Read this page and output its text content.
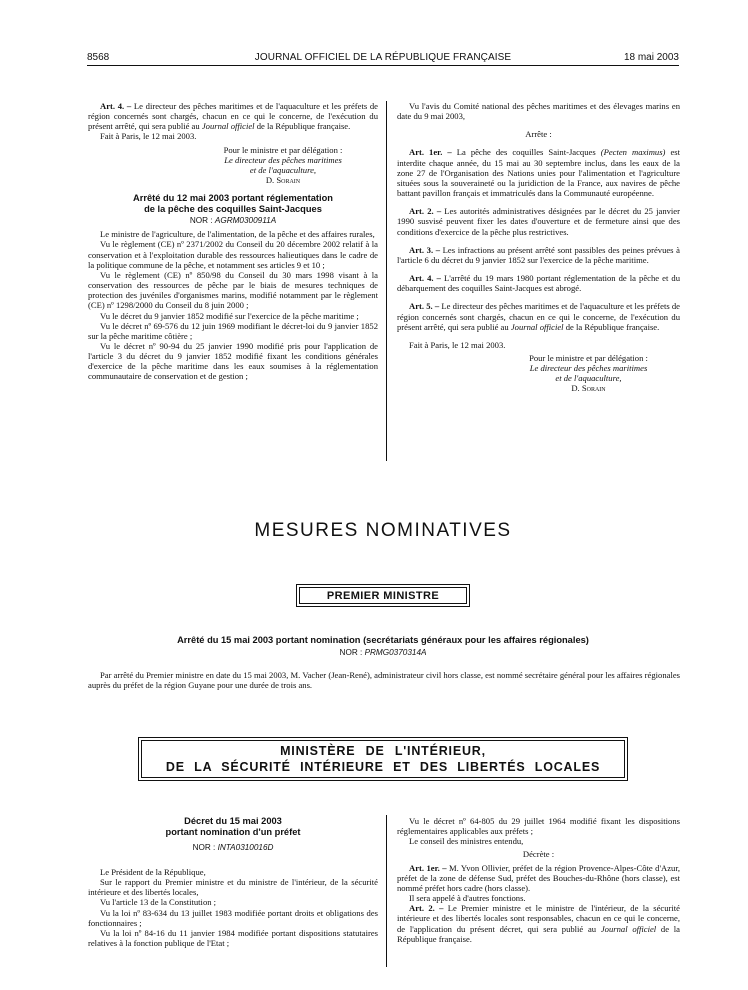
8568	JOURNAL OFFICIEL DE LA RÉPUBLIQUE FRANÇAISE	18 mai 2003

Art. 4. – Le directeur des pêches maritimes et de l'aquaculture et les préfets de région concernés sont chargés, chacun en ce qui le concerne, de l'exécution du présent arrêté, qui sera publié au Journal officiel de la République française.

Fait à Paris, le 12 mai 2003.

Pour le ministre et par délégation :

Le directeur des pêches maritimes

et de l'aquaculture,

D. Sorain

Arrêté du 12 mai 2003 portant réglementation

de la pêche des coquilles Saint-Jacques

NOR : AGRM0300911A

Le ministre de l'agriculture, de l'alimentation, de la pêche et des affaires rurales,

Vu le règlement (CE) nº 2371/2002 du Conseil du 20 décembre 2002 relatif à la conservation et à l'exploitation durable des ressources halieutiques dans le cadre de la politique commune de la pêche, et notamment ses articles 9 et 10 ;

Vu le règlement (CE) nº 850/98 du Conseil du 30 mars 1998 visant à la conservation des ressources de pêche par le biais de mesures techniques de protection des juvéniles d'organismes marins, modifié notamment par le règlement (CE) nº 1298/2000 du Conseil du 8 juin 2000 ;

Vu le décret du 9 janvier 1852 modifié sur l'exercice de la pêche maritime ;

Vu le décret nº 69-576 du 12 juin 1969 modifiant le décret-loi du 9 janvier 1852 sur la pêche maritime côtière ;

Vu le décret nº 90-94 du 25 janvier 1990 modifié pris pour l'application de l'article 3 du décret du 9 janvier 1852 modifié fixant les conditions générales d'exercice de la pêche maritime dans les eaux soumises à la réglementation communautaire de conservation et de gestion ;

Vu l'avis du Comité national des pêches maritimes et des élevages marins en date du 9 mai 2003,

Arrête :

Art. 1er. – La pêche des coquilles Saint-Jacques (Pecten maximus) est interdite chaque année, du 15 mai au 30 septembre inclus, dans les eaux de la zone 27 de l'Organisation des Nations unies pour l'alimentation et l'agriculture situées sous la souveraineté ou la juridiction de la France, aux navires de pêche battant pavillon français et immatriculés dans la Communauté européenne.

Art. 2. – Les autorités administratives désignées par le décret du 25 janvier 1990 susvisé peuvent fixer les dates d'ouverture et de fermeture ainsi que des conditions d'exercice de la pêche plus restrictives.

Art. 3. – Les infractions au présent arrêté sont passibles des peines prévues à l'article 6 du décret du 9 janvier 1852 sur l'exercice de la pêche maritime.

Art. 4. – L'arrêté du 19 mars 1980 portant réglementation de la pêche et du débarquement des coquilles Saint-Jacques est abrogé.

Art. 5. – Le directeur des pêches maritimes et de l'aquaculture et les préfets de région concernés sont chargés, chacun en ce qui le concerne, de l'exécution du présent arrêté, qui sera publié au Journal officiel de la République française.

Fait à Paris, le 12 mai 2003.

Pour le ministre et par délégation :

Le directeur des pêches maritimes

et de l'aquaculture,

D. Sorain

MESURES NOMINATIVES
PREMIER MINISTRE
Arrêté du 15 mai 2003 portant nomination (secrétariats généraux pour les affaires régionales)
NOR : PRMG0370314A

Par arrêté du Premier ministre en date du 15 mai 2003, M. Vacher (Jean-René), administrateur civil hors classe, est nommé secrétaire général pour les affaires régionales auprès du préfet de la région Guyane pour une durée de trois ans.

MINISTÈRE DE L'INTÉRIEUR,
DE LA SÉCURITÉ INTÉRIEURE ET DES LIBERTÉS LOCALES

Décret du 15 mai 2003

portant nomination d'un préfet

NOR : INTA0310016D

Le Président de la République,

Sur le rapport du Premier ministre et du ministre de l'intérieur, de la sécurité intérieure et des libertés locales,

Vu l'article 13 de la Constitution ;

Vu la loi nº 83-634 du 13 juillet 1983 modifiée portant droits et obligations des fonctionnaires ;

Vu la loi nº 84-16 du 11 janvier 1984 modifiée portant dispositions statutaires relatives à la fonction publique de l'Etat ;

Vu le décret nº 64-805 du 29 juillet 1964 modifié fixant les dispositions réglementaires applicables aux préfets ;

Le conseil des ministres entendu,

Décrète :

Art. 1er. – M. Yvon Ollivier, préfet de la région Provence-Alpes-Côte d'Azur, préfet de la zone de défense Sud, préfet des Bouches-du-Rhône (hors classe), est nommé préfet hors cadre (hors classe).

Il sera appelé à d'autres fonctions.

Art. 2. – Le Premier ministre et le ministre de l'intérieur, de la sécurité intérieure et des libertés locales sont responsables, chacun en ce qui le concerne, de l'application du présent décret, qui sera publié au Journal officiel de la République française.
